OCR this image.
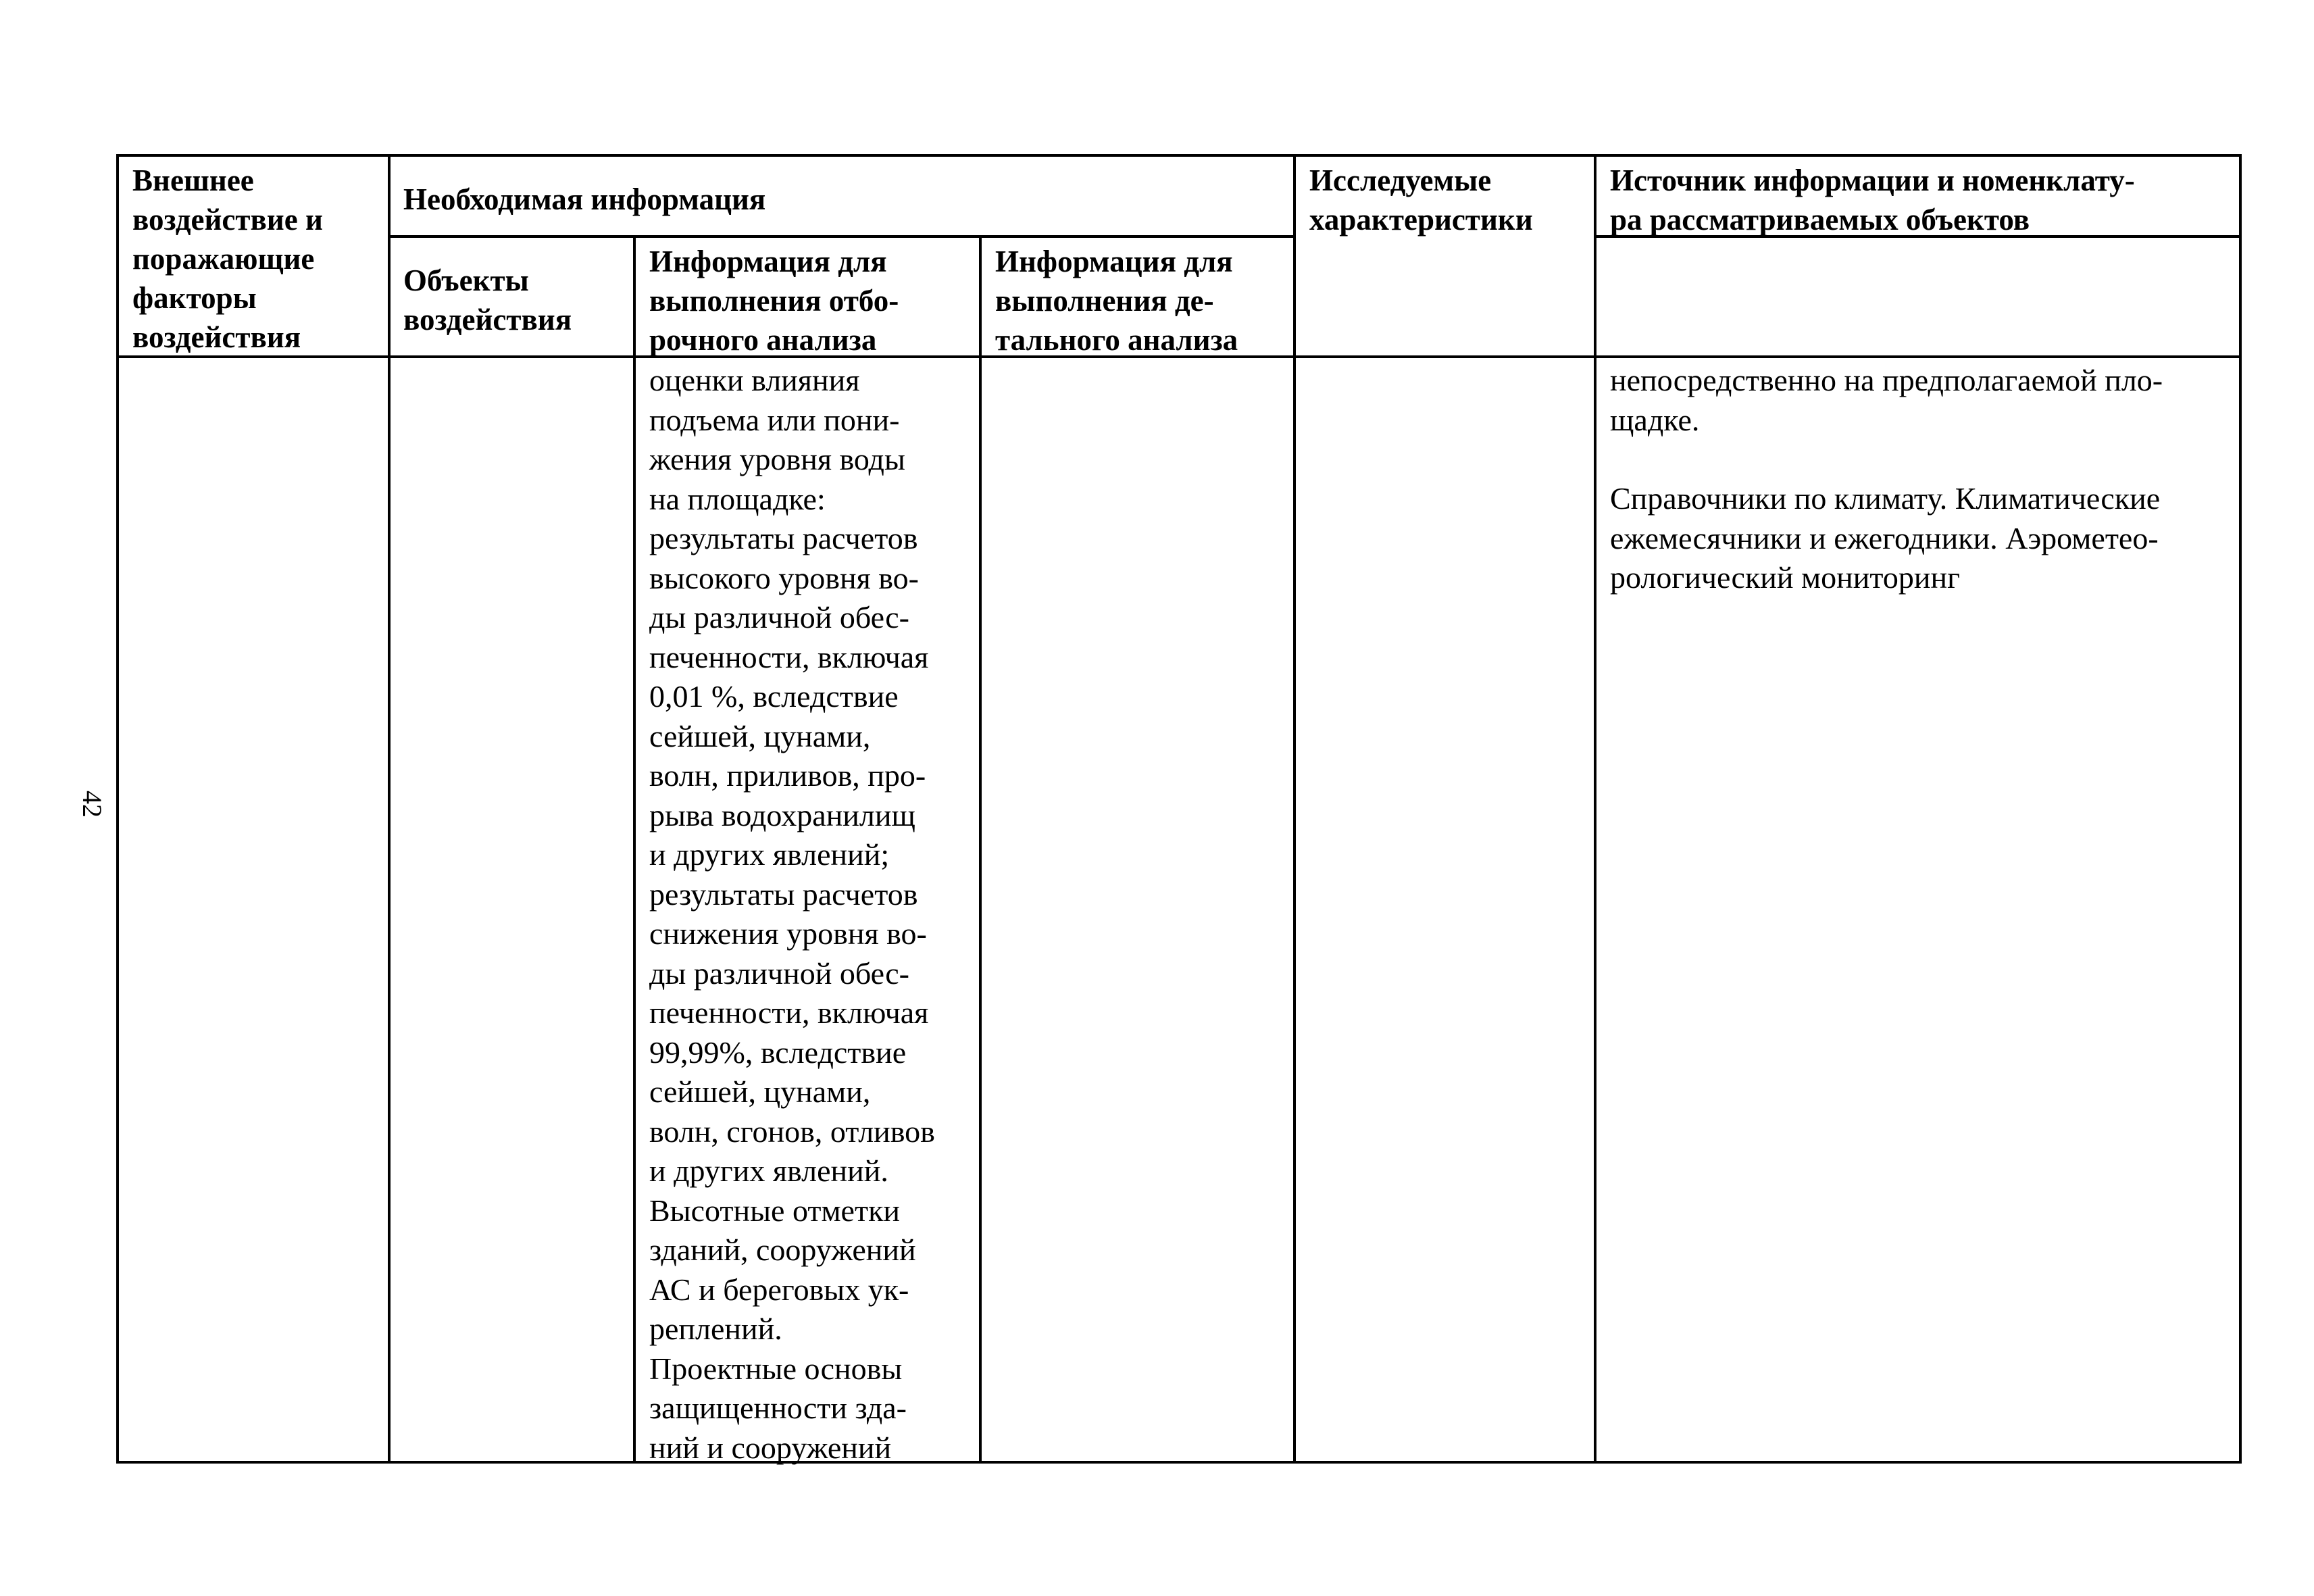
42
Внешнее
воздействие и
поражающие
факторы
воздействия
Необходимая информация
Объекты
воздействия
Информация для
выполнения отбо-
рочного анализа
Информация для
выполнения де-
тального анализа
Исследуемые
характеристики
Источник информации и номенклату-
ра рассматриваемых объектов
оценки влияния
подъема или пони-
жения уровня воды
на площадке:
результаты расчетов
высокого уровня во-
ды различной обес-
печенности, включая
0,01 %, вследствие
сейшей, цунами,
волн, приливов, про-
рыва водохранилищ
и других явлений;
результаты расчетов
снижения уровня во-
ды различной обес-
печенности, включая
99,99%, вследствие
сейшей, цунами,
волн, сгонов, отливов
и других явлений.
Высотные отметки
зданий, сооружений
АС и береговых ук-
реплений.
Проектные основы
защищенности зда-
ний и сооружений
непосредственно на предполагаемой пло-
щадке.
Справочники по климату. Климатические
ежемесячники и ежегодники. Аэрометео-
рологический мониторинг
